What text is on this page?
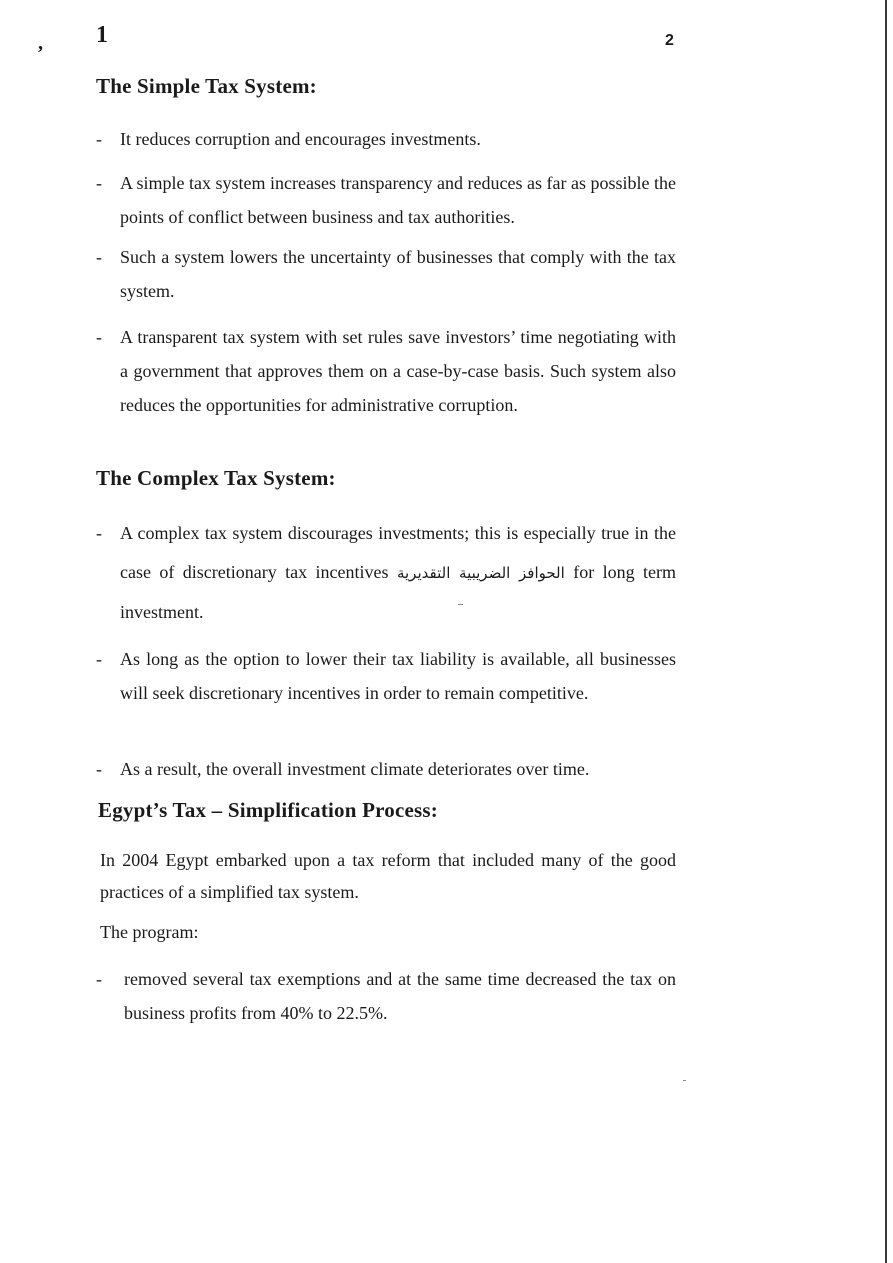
, 1	2
The Simple Tax System:
- It reduces corruption and encourages investments.
- A simple tax system increases transparency and reduces as far as possible the points of conflict between business and tax authorities.
- Such a system lowers the uncertainty of businesses that comply with the tax system.
- A transparent tax system with set rules save investors’ time negotiating with a government that approves them on a case-by-case basis. Such system also reduces the opportunities for administrative corruption.
The Complex Tax System:
- A complex tax system discourages investments; this is especially true in the case of discretionary tax incentives الحوافز الضريبية التقديرية for long term investment.
- As long as the option to lower their tax liability is available, all businesses will seek discretionary incentives in order to remain competitive.
- As a result, the overall investment climate deteriorates over time.
Egypt’s Tax – Simplification Process:

In 2004 Egypt embarked upon a tax reform that included many of the good practices of a simplified tax system.

The program:

- removed several tax exemptions and at the same time decreased the tax on business profits from 40% to 22.5%.
